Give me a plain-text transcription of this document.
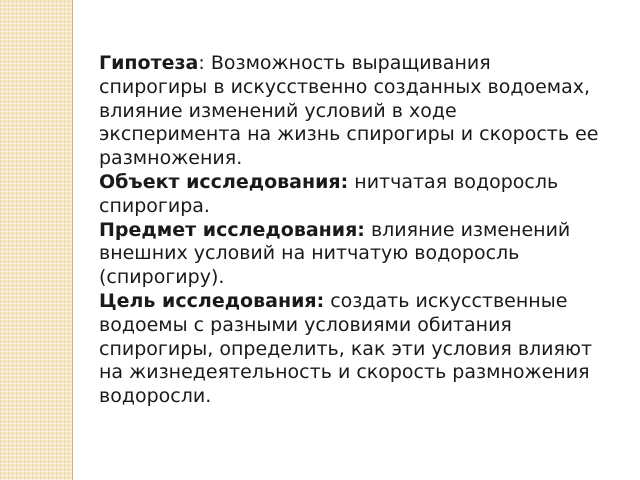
Гипотеза: Возможность выращивания спирогиры в искусственно созданных водоемах, влияние изменений условий в ходе эксперимента на жизнь спирогиры и скорость ее размножения.

Объект исследования: нитчатая водоросль спирогира.

Предмет исследования: влияние изменений внешних условий на нитчатую водоросль (спирогиру).

Цель исследования: создать искусственные водоемы с разными условиями обитания спирогиры, определить, как эти условия влияют на жизнедеятельность и скорость размножения водоросли.
